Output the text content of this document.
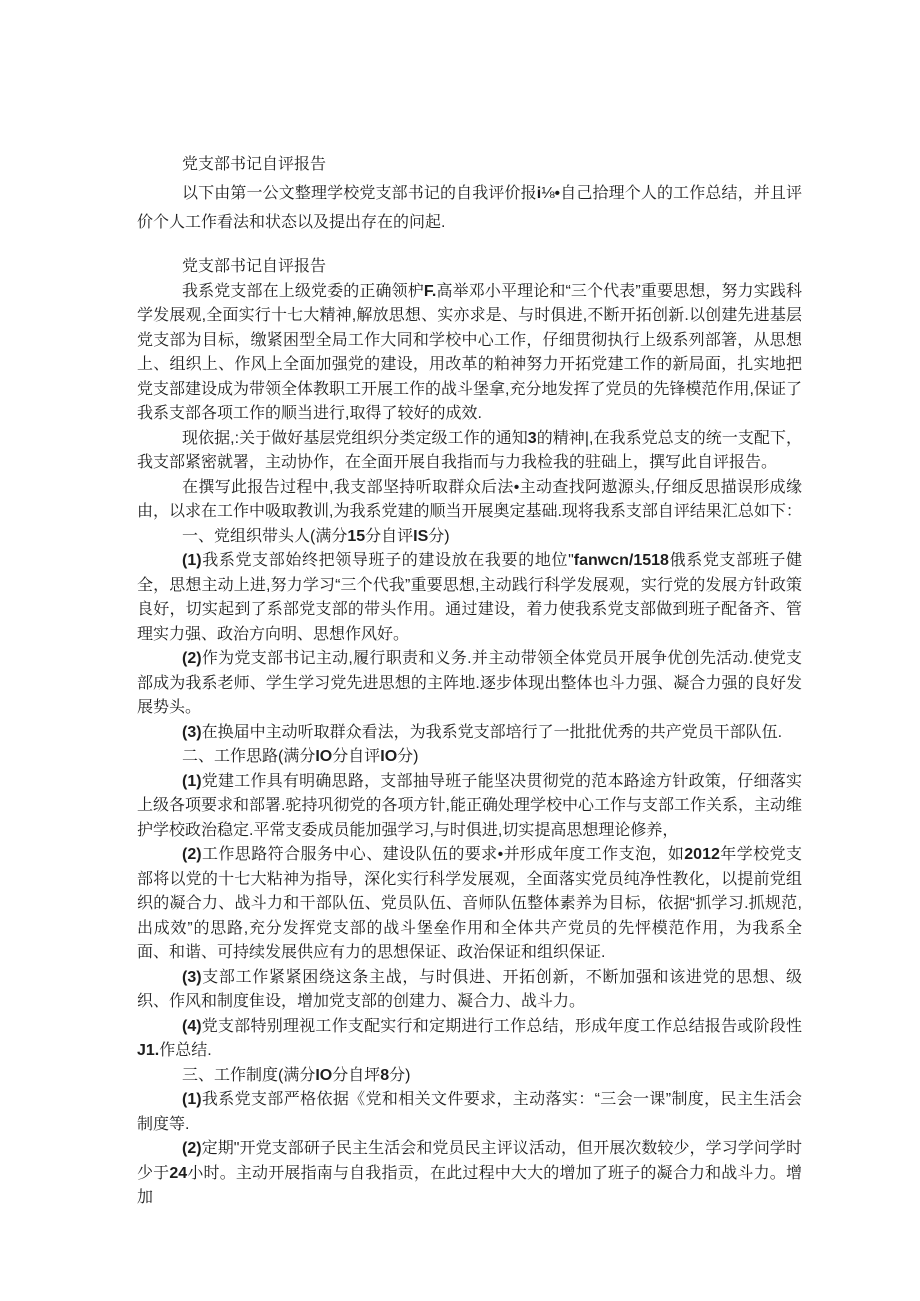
党支部书记自评报告

以下由第一公文整理学校党支部书记的自我评价报i⅛•自己拾理个人的工作总结，并且评价个人工作看法和状态以及提出存在的问起.

党支部书记自评报告

我系党支部在上级党委的正确领枦F.高举邓小平理论和“三个代表”重要思想，努力实践科学发展观,全面实行十七大精神,解放思想、实亦求是、与时俱进,不断开拓创新.以创建先进基层党支部为目标，缴紧困型全局工作大同和学校中心工作，仔细贯彻执行上级系列部箸，从思想上、组织上、作风上全面加强党的建设，用改革的粕神努力开拓党建工作的新局面，扎实地把党支部建设成为带领全体教职工开展工作的战斗堡拿,充分地发挥了党员的先锋模范作用,保证了我系支部各项工作的顺当进行,取得了较好的成效.

现依据,:关于做好基层党组织分类定级工作的通知3的精神|,在我系党总支的统一支配下，我支部紧密就署，主动协作，在全面开展自我指而与力我检我的驻础上，撰写此自评报告。

在撰写此报告过程中,我支部坚持听取群众后法•主动查找阿遨源头,仔细反思描误形成缘由，以求在工作中吸取教训,为我系党建的顺当开展奥定基础.现将我系支部自评结果汇总如下：

一、党组织带头人(满分15分自评IS分)

(1)我系党支部始终把领导班子的建设放在我要的地位"fanwcn/1518俄系党支部班子健全，思想主动上进,努力学习“三个代我”重要思想,主动践行科学发展观，实行党的发展方针政策良好，切实起到了系部党支部的带头作用。通过建设，着力使我系党支部做到班子配备齐、管理实力强、政治方向明、思想作风好。

(2)作为党支部书记主动,履行职责和义务.并主动带领全体党员开展争优创先活动.使党支部成为我系老师、学生学习党先进思想的主阵地.逐步体现出整体也斗力强、凝合力强的良好发展势头。

(3)在换届中主动听取群众看法，为我系党支部培行了一批批优秀的共产党员干部队伍.

二、工作思路(满分IO分自评IO分)

(1)党建工作具有明确思路，支部抽导班子能坚决贯彻党的范本路途方针政策，仔细落实上级各项要求和部署.驼持巩彻党的各项方针,能正确处理学校中心工作与支部工作关系，主动维护学校政治稳定.平常支委成员能加强学习,与时俱进,切实提高思想理论修养，

(2)工作思路符合服务中心、建设队伍的要求•并形成年度工作支泡，如2012年学校党支部将以党的十七大粘神为指导，深化实行科学发展观，全面落实党员纯净性教化，以提前党组织的凝合力、战斗力和干部队伍、党员队伍、音师队伍整体素养为目标，依据“抓学习.抓规范,出成效”的思路,充分发挥党支部的战斗堡垒作用和全体共产党员的先怦模范作用，为我系全面、和谐、可持续发展供应有力的思想保证、政治保证和组织保证.

(3)支部工作紧紧困绕这条主战，与时俱进、开拓创新，不断加强和该进党的思想、级织、作风和制度隹设，增加党支部的创建力、凝合力、战斗力。

(4)党支部特别理视工作支配实行和定期进行工作总结，形成年度工作总结报告或阶段性J1.作总结.

三、工作制度(满分IO分自坪8分)

(1)我系党支部严格依据《党和相关文件要求，主动落实：“三会一课”制度，民主生活会制度等.

(2)定期"开党支部研子民主生活会和党员民主评议活动，但开展次数较少，学习学问学时少于24小时。主动开展指南与自我指贡，在此过程中大大的增加了班子的凝合力和战斗力。增加
